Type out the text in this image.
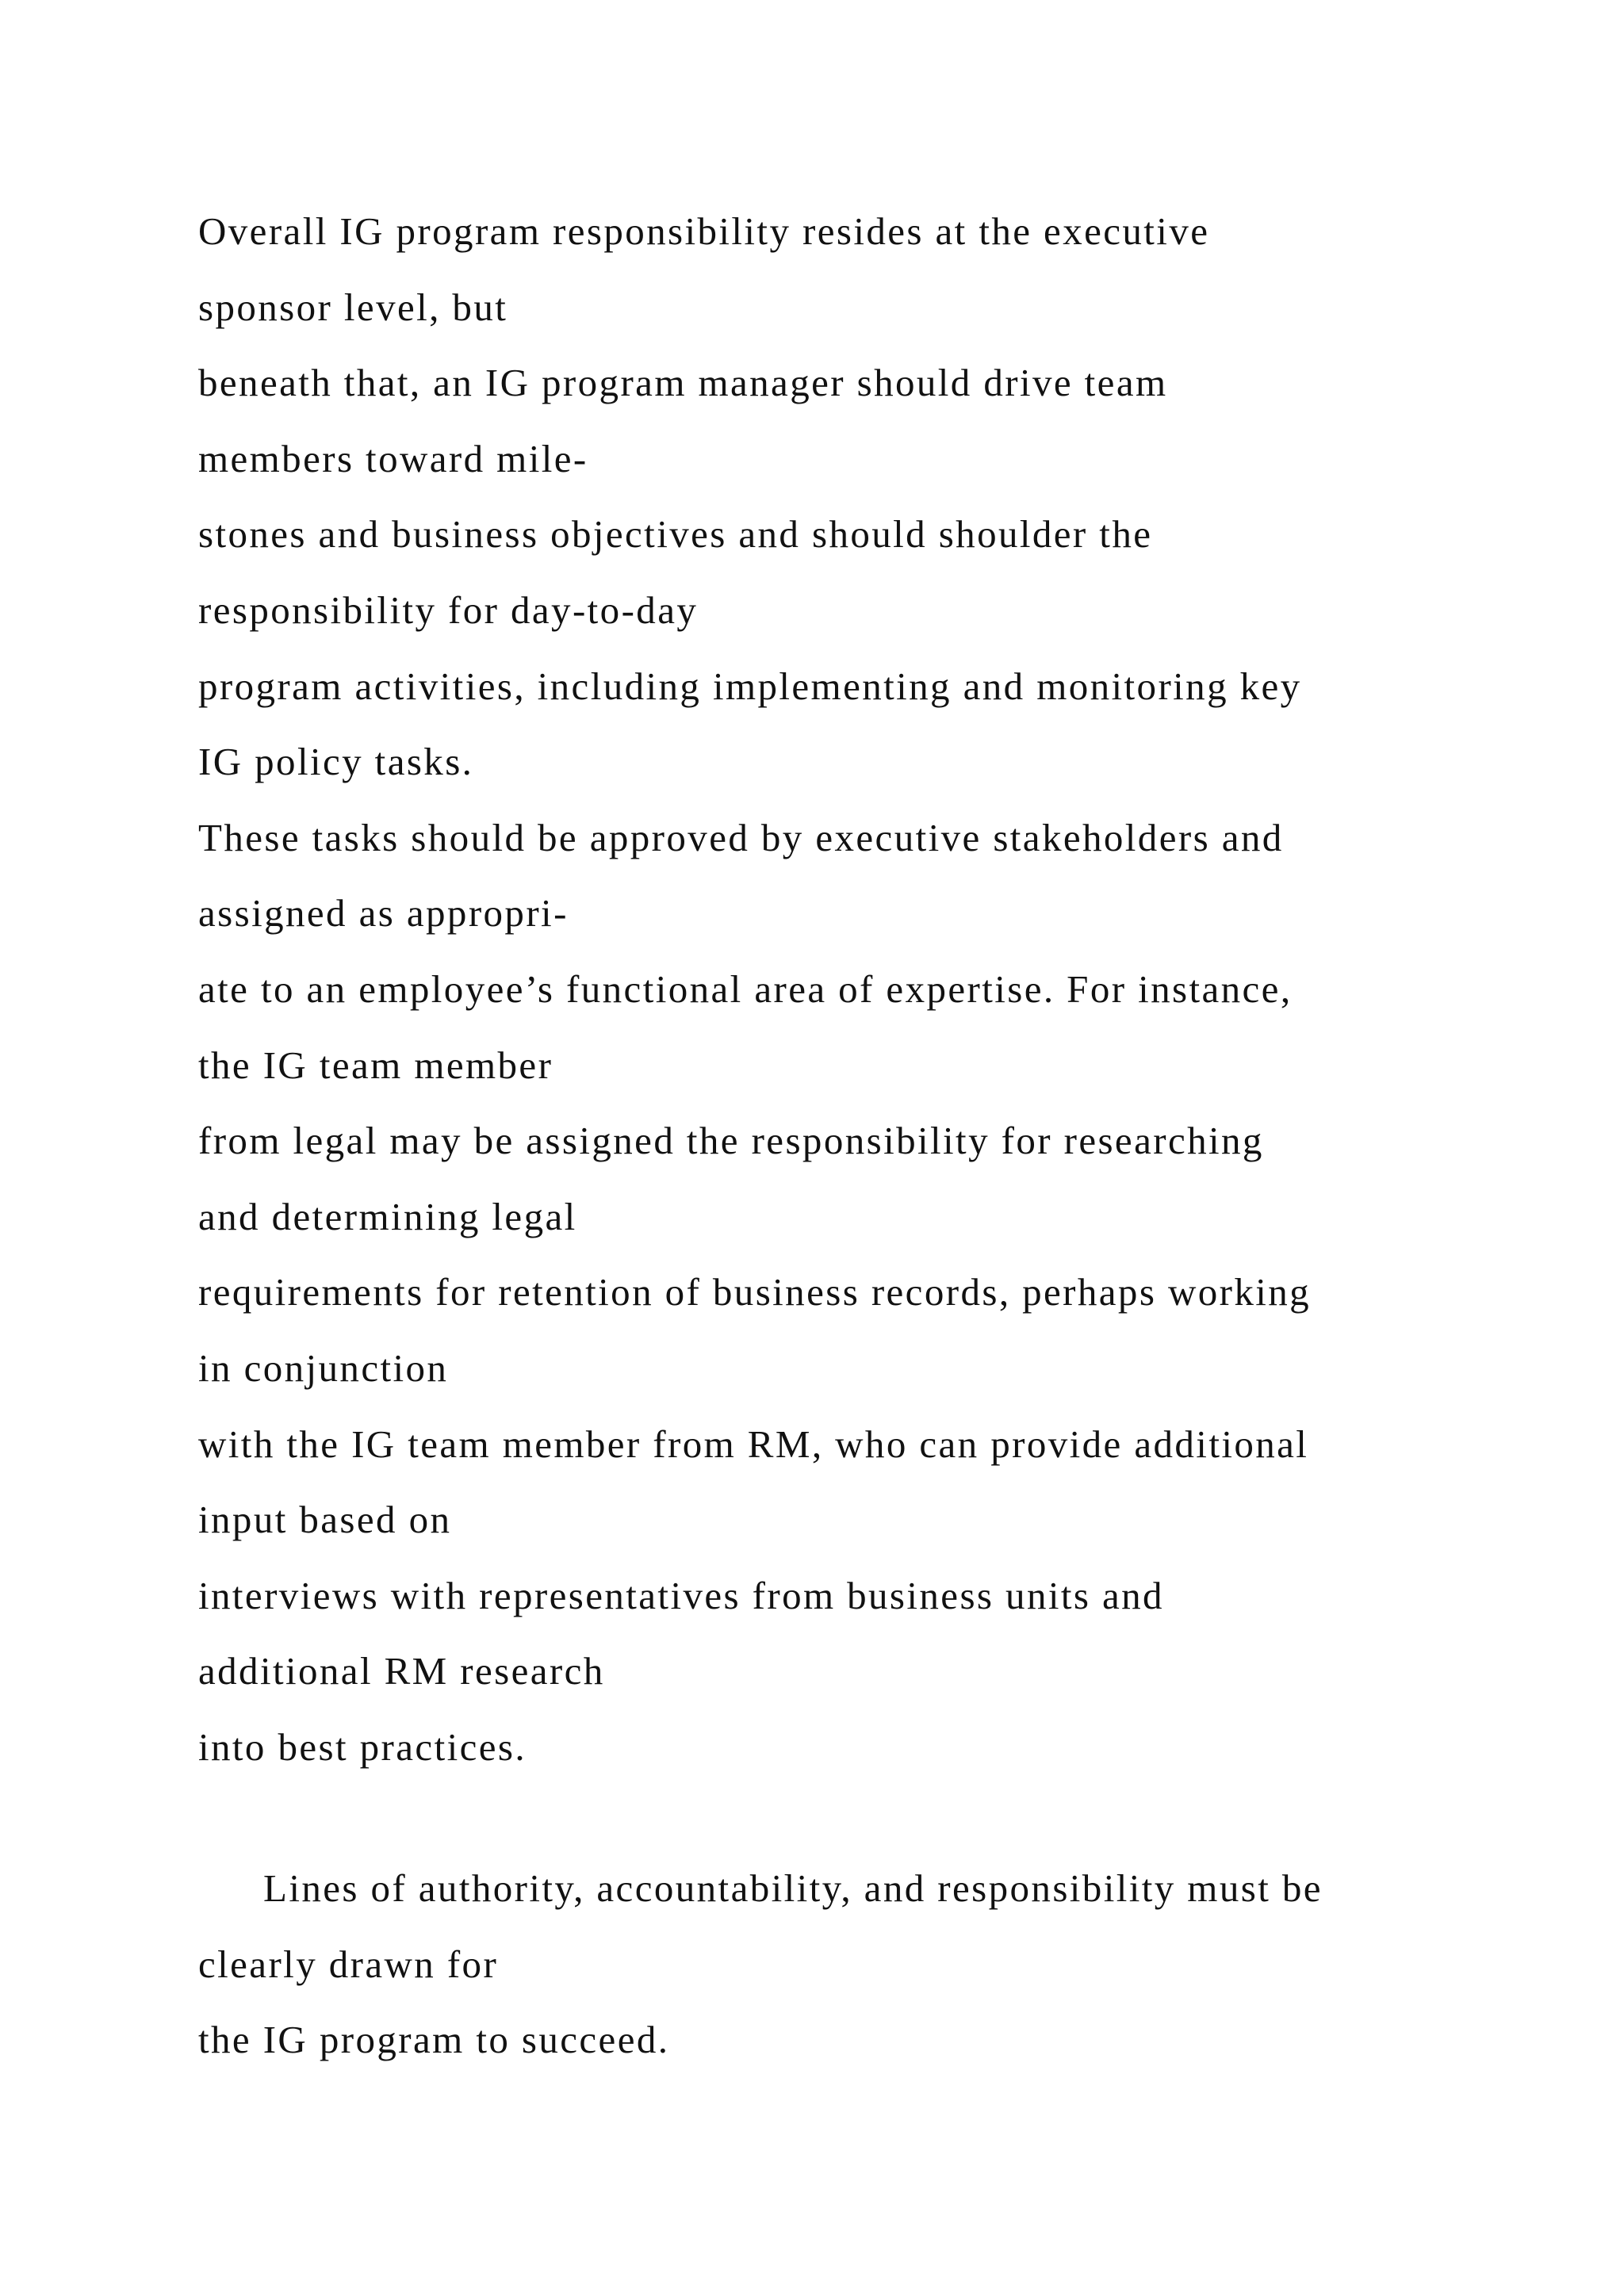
Overall IG program responsibility resides at the executive
sponsor level, but
beneath that, an IG program manager should drive team
members toward mile-
stones and business objectives and should shoulder the
responsibility for day-to-day
program activities, including implementing and monitoring key
IG policy tasks.
These tasks should be approved by executive stakeholders and
assigned as appropri-
ate to an employee’s functional area of expertise. For instance,
the IG team member
from legal may be assigned the responsibility for researching
and determining legal
requirements for retention of business records, perhaps working
in conjunction
with the IG team member from RM, who can provide additional
input based on
interviews with representatives from business units and
additional RM research
into best practices.
Lines of authority, accountability, and responsibility must be
clearly drawn for
the IG program to succeed.
